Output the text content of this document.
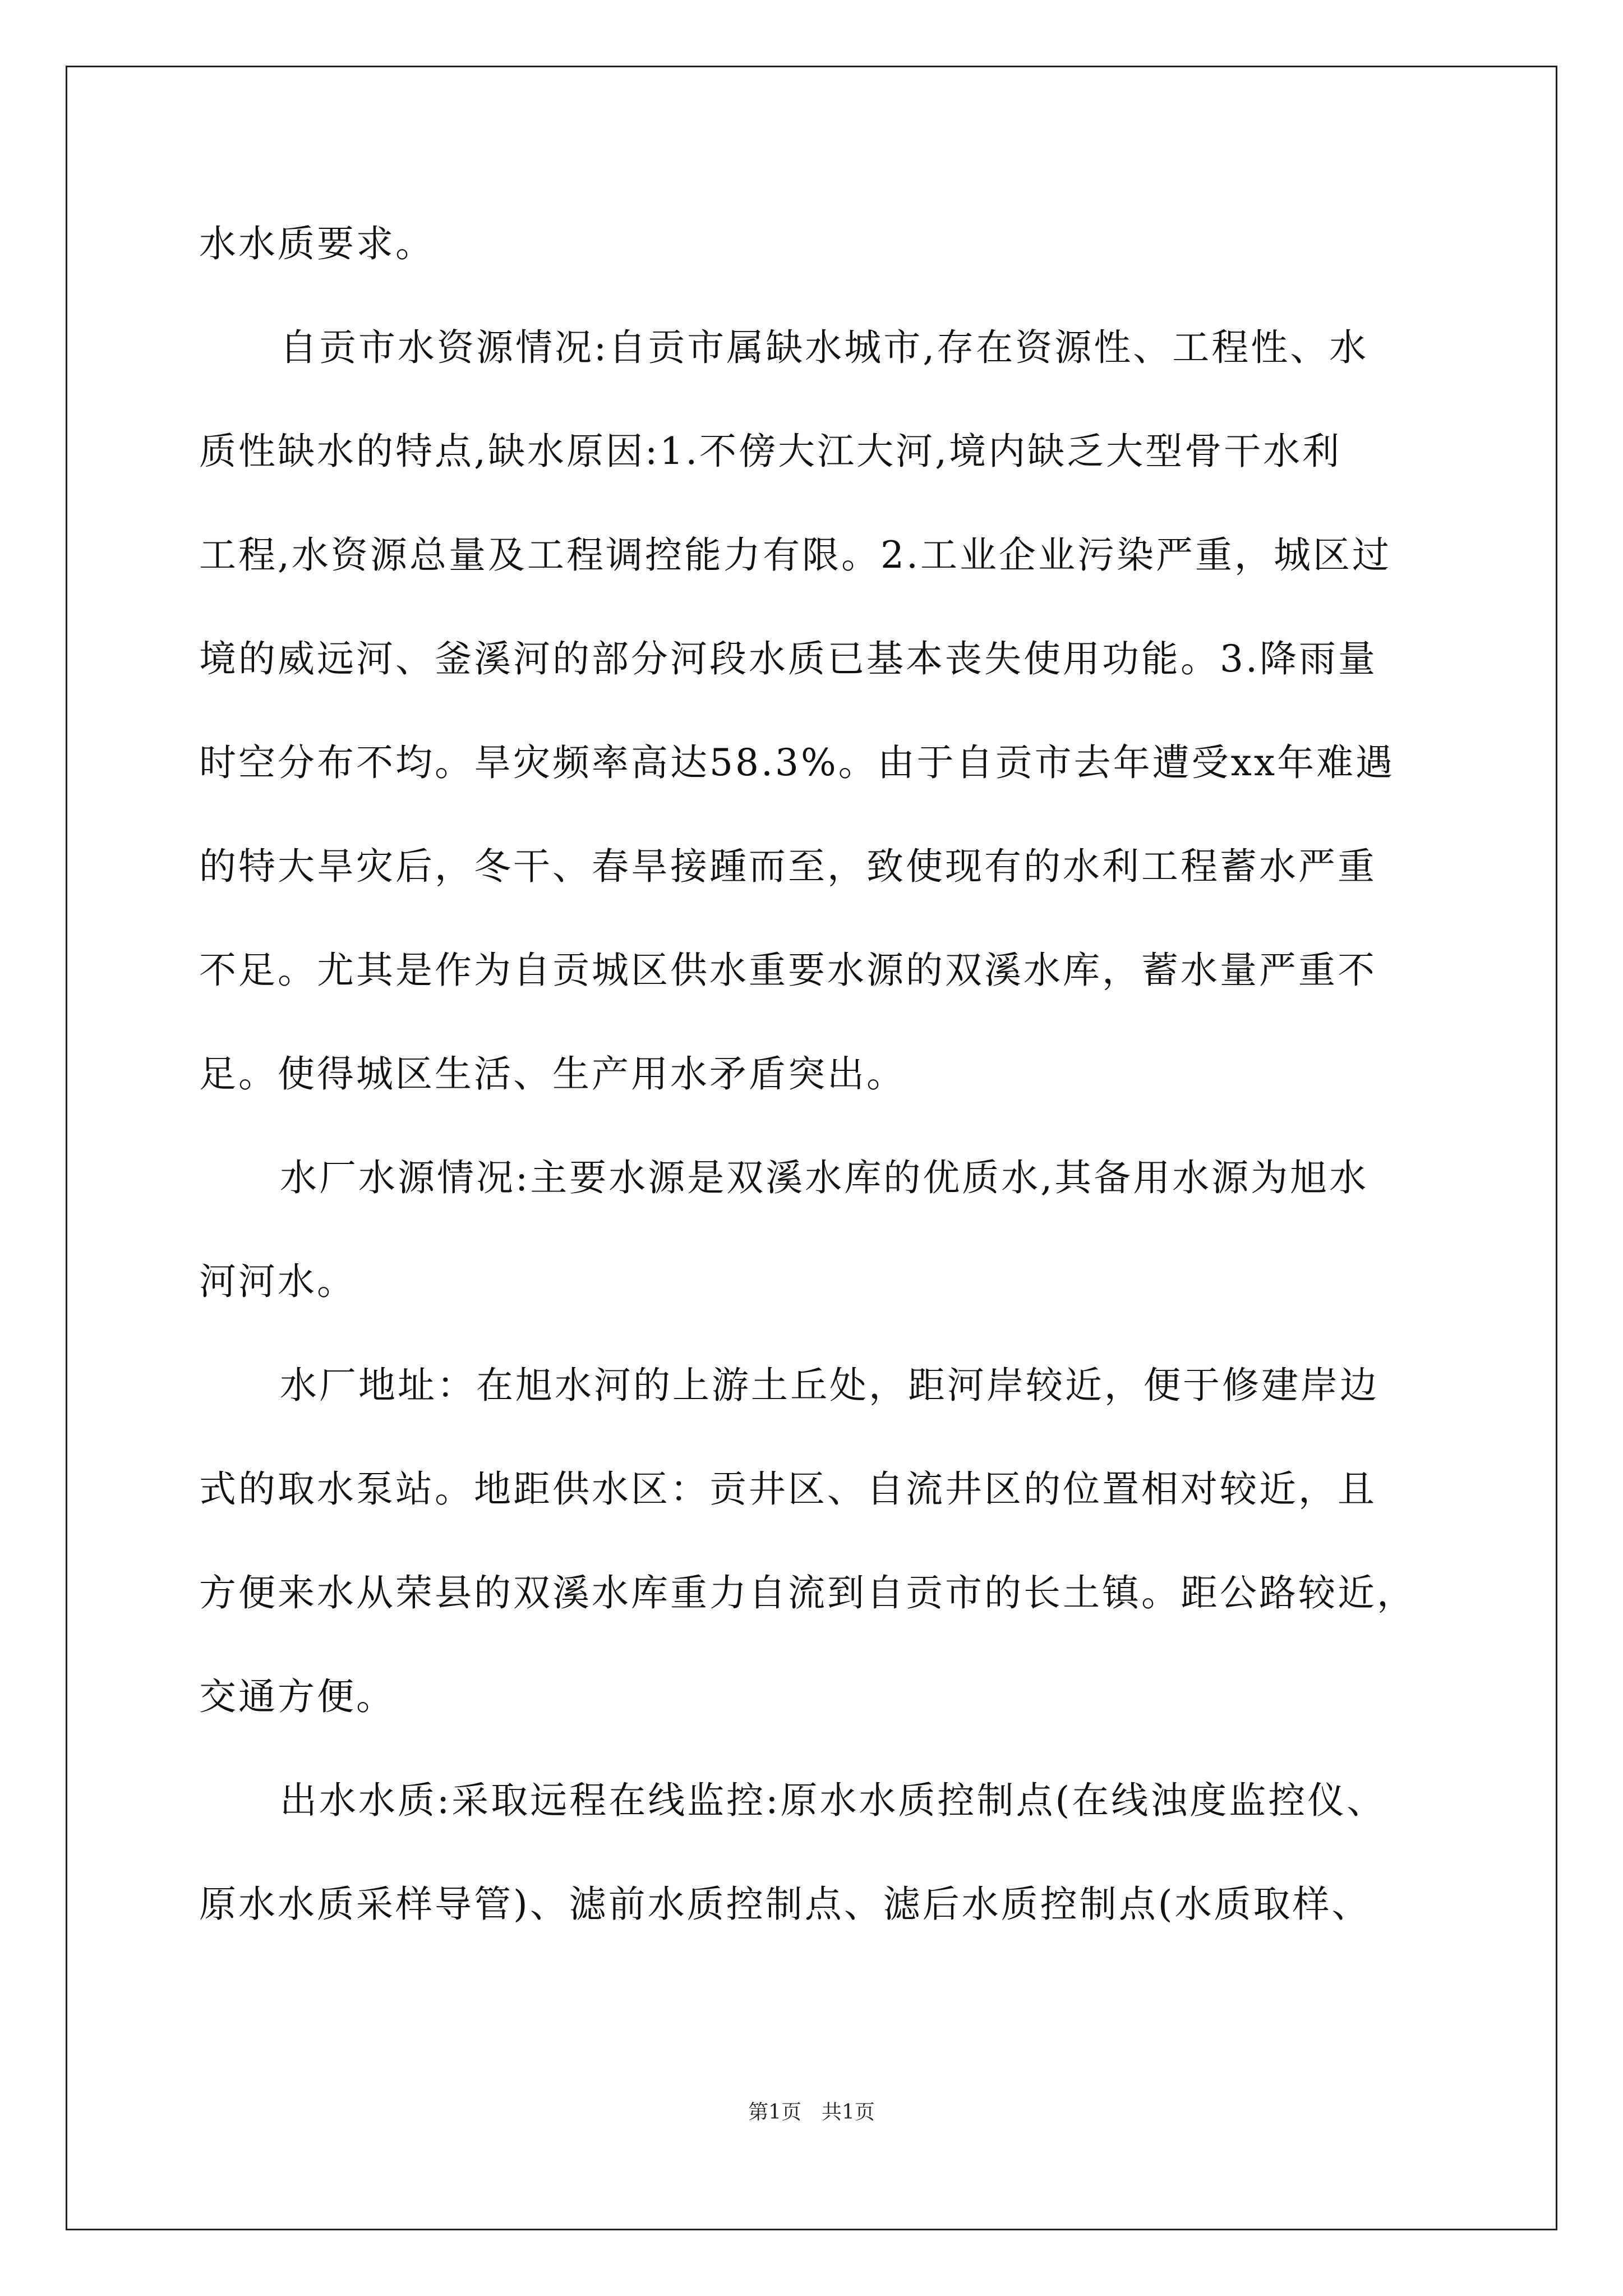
水水质要求。
自贡市水资源情况:自贡市属缺水城市,存在资源性、工程性、水
质性缺水的特点,缺水原因:1.不傍大江大河,境内缺乏大型骨干水利
工程,水资源总量及工程调控能力有限。2.工业企业污染严重，城区过
境的威远河、釜溪河的部分河段水质已基本丧失使用功能。3.降雨量
时空分布不均。旱灾频率高达58.3%。由于自贡市去年遭受xx年难遇
的特大旱灾后，冬干、春旱接踵而至，致使现有的水利工程蓄水严重
不足。尤其是作为自贡城区供水重要水源的双溪水库，蓄水量严重不
足。使得城区生活、生产用水矛盾突出。
水厂水源情况:主要水源是双溪水库的优质水,其备用水源为旭水
河河水。
水厂地址：在旭水河的上游土丘处，距河岸较近，便于修建岸边
式的取水泵站。地距供水区：贡井区、自流井区的位置相对较近，且
方便来水从荣县的双溪水库重力自流到自贡市的长土镇。距公路较近，
交通方便。
出水水质:采取远程在线监控:原水水质控制点(在线浊度监控仪、
原水水质采样导管)、滤前水质控制点、滤后水质控制点(水质取样、
第1页　共1页
